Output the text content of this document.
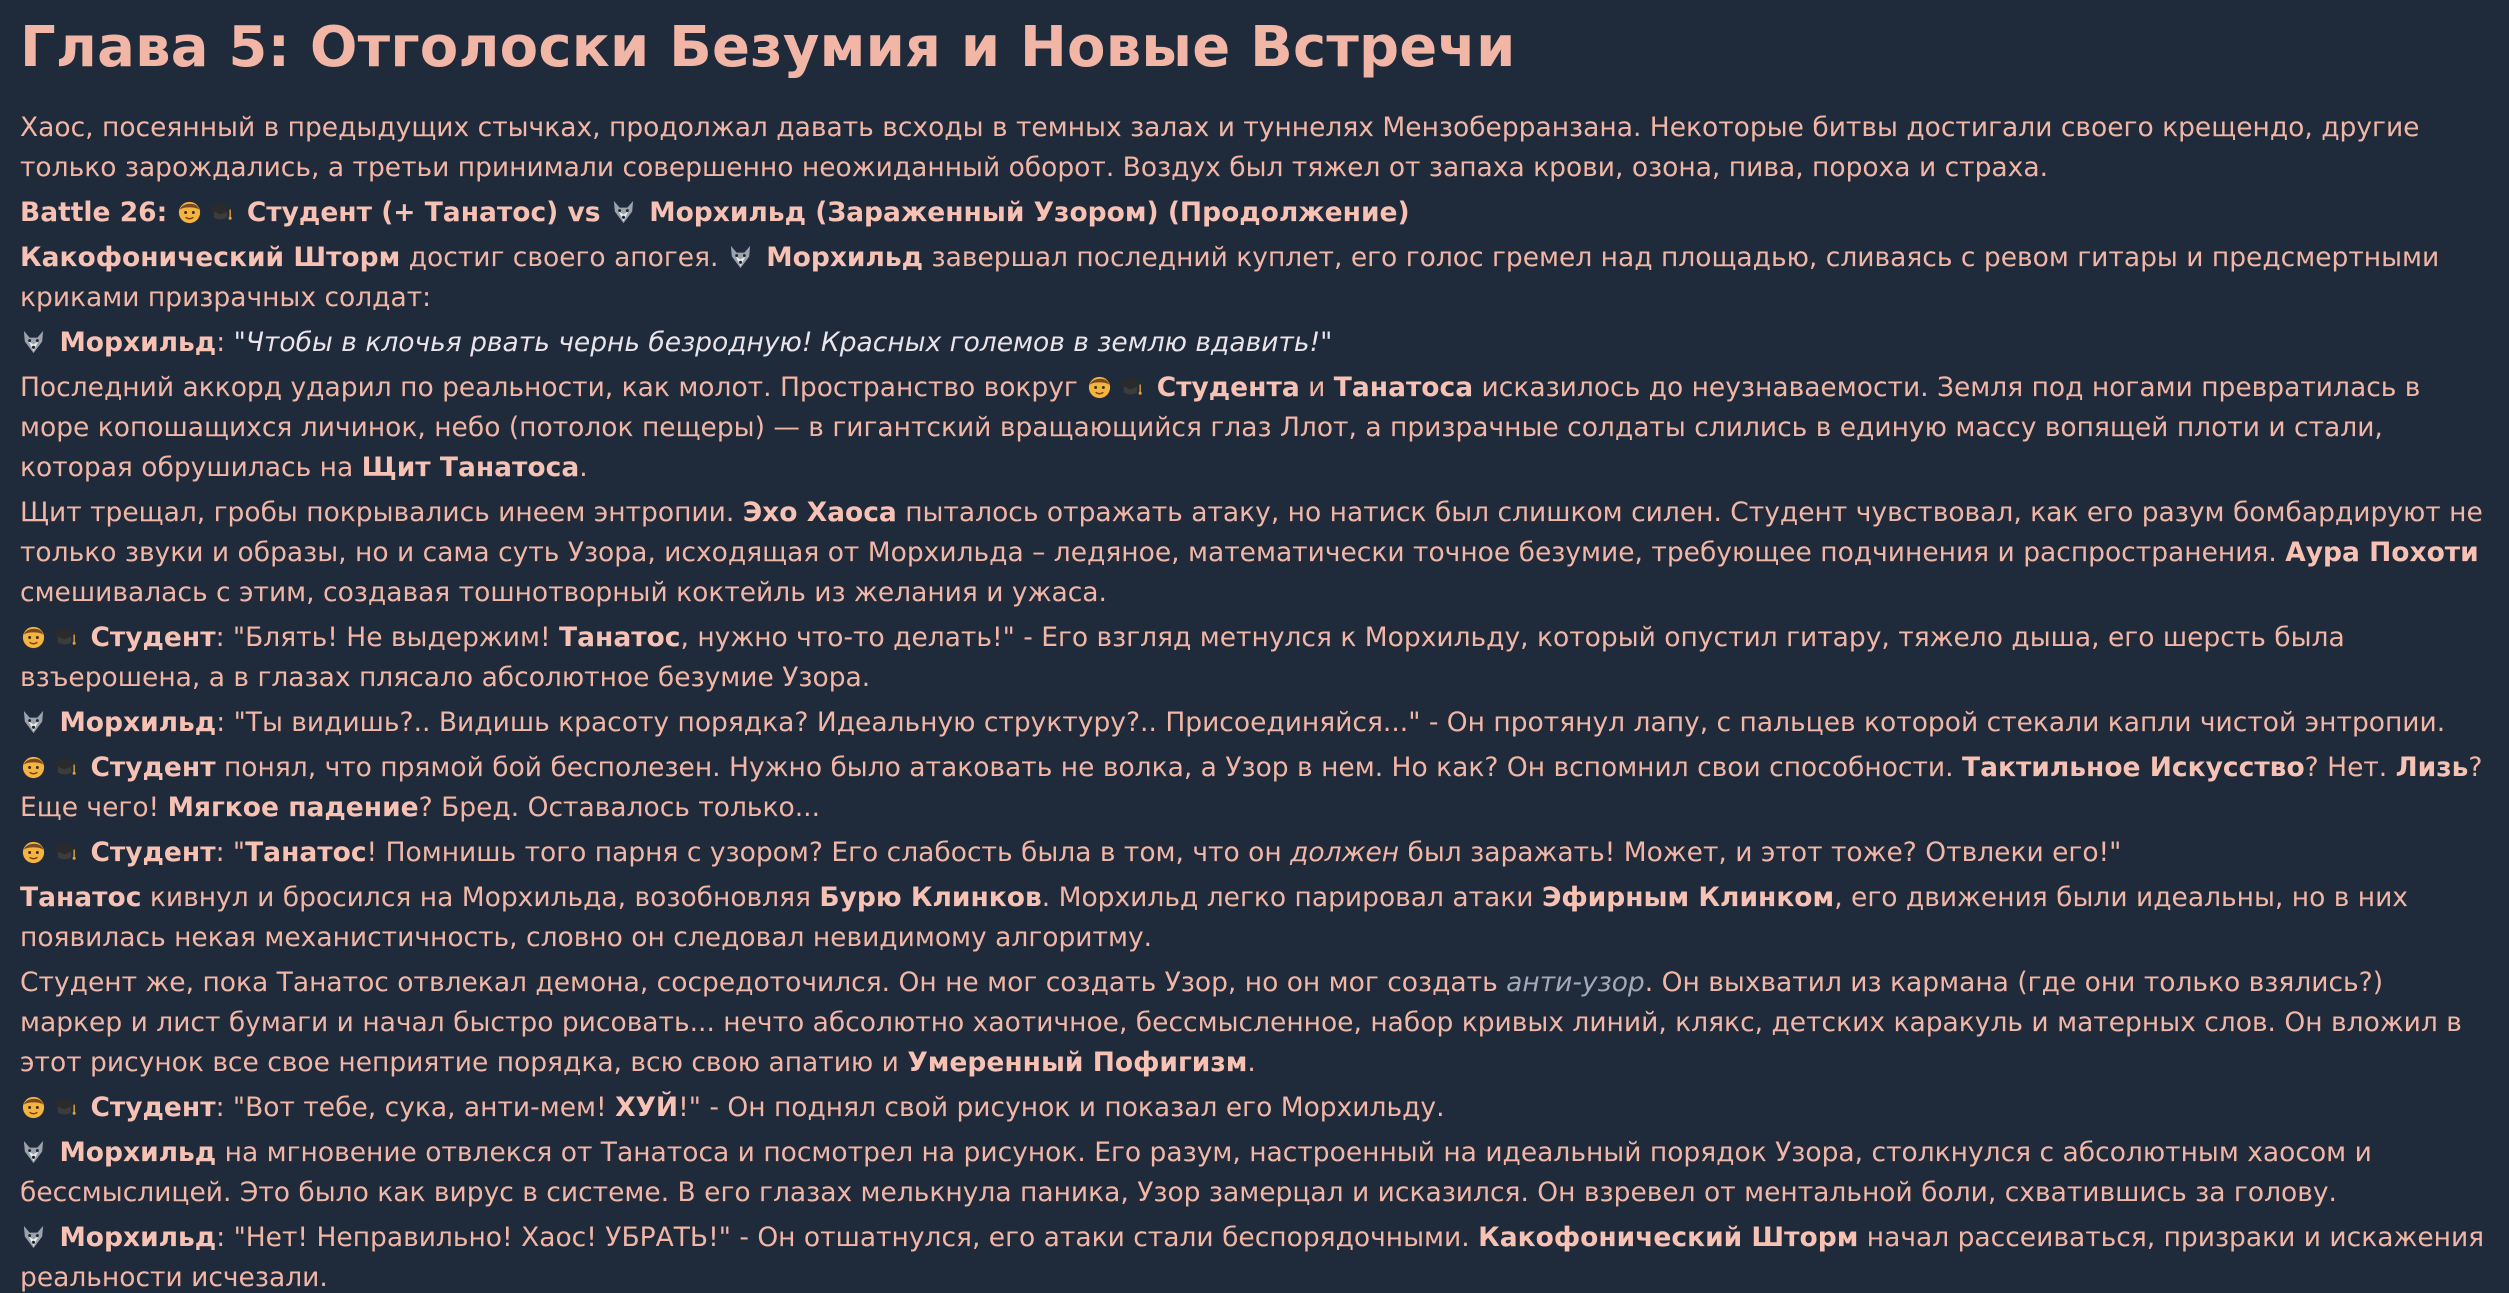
Глава 5: Отголоски Безумия и Новые Встречи

Хаос, посеянный в предыдущих стычках, продолжал давать всходы в темных залах и туннелях Мензоберранзана. Некоторые битвы достигали своего крещендо, другие только зарождались, а третьи принимали совершенно неожиданный оборот. Воздух был тяжел от запаха крови, озона, пива, пороха и страха.

Battle 26:	Студент (+ Танатос) vs
Морхильд (Зараженный Узором) (Продолжение)

Какофонический Шторм достиг своего апогея.
Морхильд завершал последний куплет, его голос гремел над площадью, сливаясь с ревом гитары и предсмертными криками призрачных солдат:

Морхильд: "Чтобы в клочья рвать чернь безродную! Красных големов в землю вдавить!"

Последний аккорд ударил по реальности, как молот. Пространство вокруг	Студента и Танатоса исказилось до неузнаваемости. Земля под ногами превратилась в море копошащихся личинок, небо (потолок пещеры) — в гигантский вращающийся глаз Ллот, а призрачные солдаты слились в единую массу вопящей плоти и стали, которая обрушилась на Щит Танатоса.

Щит трещал, гробы покрывались инеем энтропии. Эхо Хаоса пыталось отражать атаку, но натиск был слишком силен. Студент чувствовал, как его разум бомбардируют не только звуки и образы, но и сама суть Узора, исходящая от Морхильда – ледяное, математически точное безумие, требующее подчинения и распространения. Аура Похоти смешивалась с этим, создавая тошнотворный коктейль из желания и ужаса.

Студент: "Блять! Не выдержим! Танатос, нужно что-то делать!" - Его взгляд метнулся к Морхильду, который опустил гитару, тяжело дыша, его шерсть была взъерошена, а в глазах плясало абсолютное безумие Узора.

Морхильд: "Ты видишь?.. Видишь красоту порядка? Идеальную структуру?.. Присоединяйся..." - Он протянул лапу, с пальцев которой стекали капли чистой энтропии.

Студент понял, что прямой бой бесполезен. Нужно было атаковать не волка, а Узор в нем. Но как? Он вспомнил свои способности. Тактильное Искусство? Нет. Лизь? Еще чего! Мягкое падение? Бред. Оставалось только...

Студент: "Танатос! Помнишь того парня с узором? Его слабость была в том, что он должен был заражать! Может, и этот тоже? Отвлеки его!"

Танатос кивнул и бросился на Морхильда, возобновляя Бурю Клинков. Морхильд легко парировал атаки Эфирным Клинком, его движения были идеальны, но в них появилась некая механистичность, словно он следовал невидимому алгоритму.

Студент же, пока Танатос отвлекал демона, сосредоточился. Он не мог создать Узор, но он мог создать анти-узор. Он выхватил из кармана (где они только взялись?) маркер и лист бумаги и начал быстро рисовать... нечто абсолютно хаотичное, бессмысленное, набор кривых линий, клякс, детских каракуль и матерных слов. Он вложил в этот рисунок все свое неприятие порядка, всю свою апатию и Умеренный Пофигизм.

Студент: "Вот тебе, сука, анти-мем! ХУЙ!" - Он поднял свой рисунок и показал его Морхильду.

Морхильд на мгновение отвлекся от Танатоса и посмотрел на рисунок. Его разум, настроенный на идеальный порядок Узора, столкнулся с абсолютным хаосом и бессмыслицей. Это было как вирус в системе. В его глазах мелькнула паника, Узор замерцал и исказился. Он взревел от ментальной боли, схватившись за голову.

Морхильд: "Нет! Неправильно! Хаос! УБРАТЬ!" - Он отшатнулся, его атаки стали беспорядочными. Какофонический Шторм начал рассеиваться, призраки и искажения реальности исчезали.
